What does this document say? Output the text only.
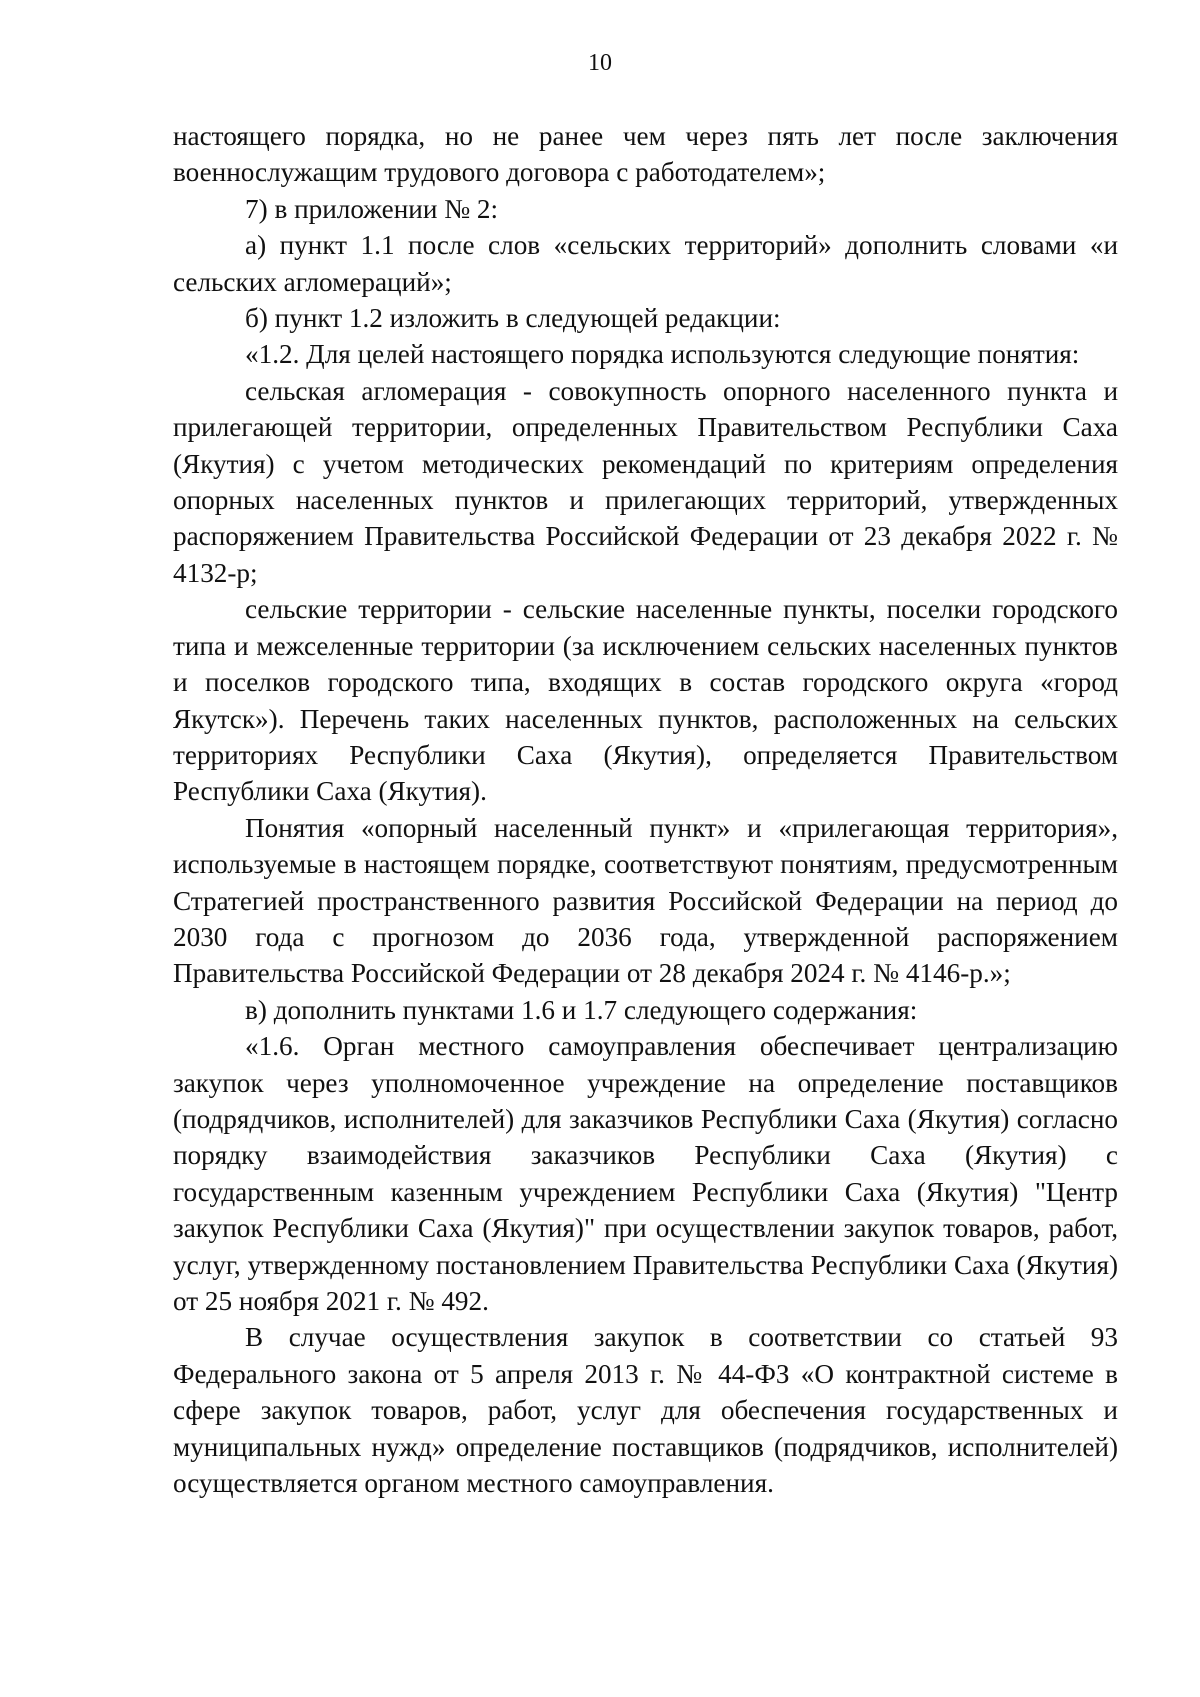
10

настоящего порядка, но не ранее чем через пять лет после заключения военнослужащим трудового договора с работодателем»;

7) в приложении № 2:

а) пункт 1.1 после слов «сельских территорий» дополнить словами «и сельских агломераций»;

б) пункт 1.2 изложить в следующей редакции:

«1.2. Для целей настоящего порядка используются следующие понятия:

сельская агломерация - совокупность опорного населенного пункта и прилегающей территории, определенных Правительством Республики Саха (Якутия) с учетом методических рекомендаций по критериям определения опорных населенных пунктов и прилегающих территорий, утвержденных распоряжением Правительства Российской Федерации от 23 декабря 2022 г. № 4132-р;

сельские территории - сельские населенные пункты, поселки городского типа и межселенные территории (за исключением сельских населенных пунктов и поселков городского типа, входящих в состав городского округа «город Якутск»). Перечень таких населенных пунктов, расположенных на сельских территориях Республики Саха (Якутия), определяется Правительством Республики Саха (Якутия).

Понятия «опорный населенный пункт» и «прилегающая территория», используемые в настоящем порядке, соответствуют понятиям, предусмотренным Стратегией пространственного развития Российской Федерации на период до 2030 года с прогнозом до 2036 года, утвержденной распоряжением Правительства Российской Федерации от 28 декабря 2024 г. № 4146-р.»;

в) дополнить пунктами 1.6 и 1.7 следующего содержания:

«1.6. Орган местного самоуправления обеспечивает централизацию закупок через уполномоченное учреждение на определение поставщиков (подрядчиков, исполнителей) для заказчиков Республики Саха (Якутия) согласно порядку взаимодействия заказчиков Республики Саха (Якутия) с государственным казенным учреждением Республики Саха (Якутия) "Центр закупок Республики Саха (Якутия)" при осуществлении закупок товаров, работ, услуг, утвержденному постановлением Правительства Республики Саха (Якутия) от 25 ноября 2021 г. № 492.

В случае осуществления закупок в соответствии со статьей 93 Федерального закона от 5 апреля 2013 г. № 44-ФЗ «О контрактной системе в сфере закупок товаров, работ, услуг для обеспечения государственных и муниципальных нужд» определение поставщиков (подрядчиков, исполнителей) осуществляется органом местного самоуправления.
